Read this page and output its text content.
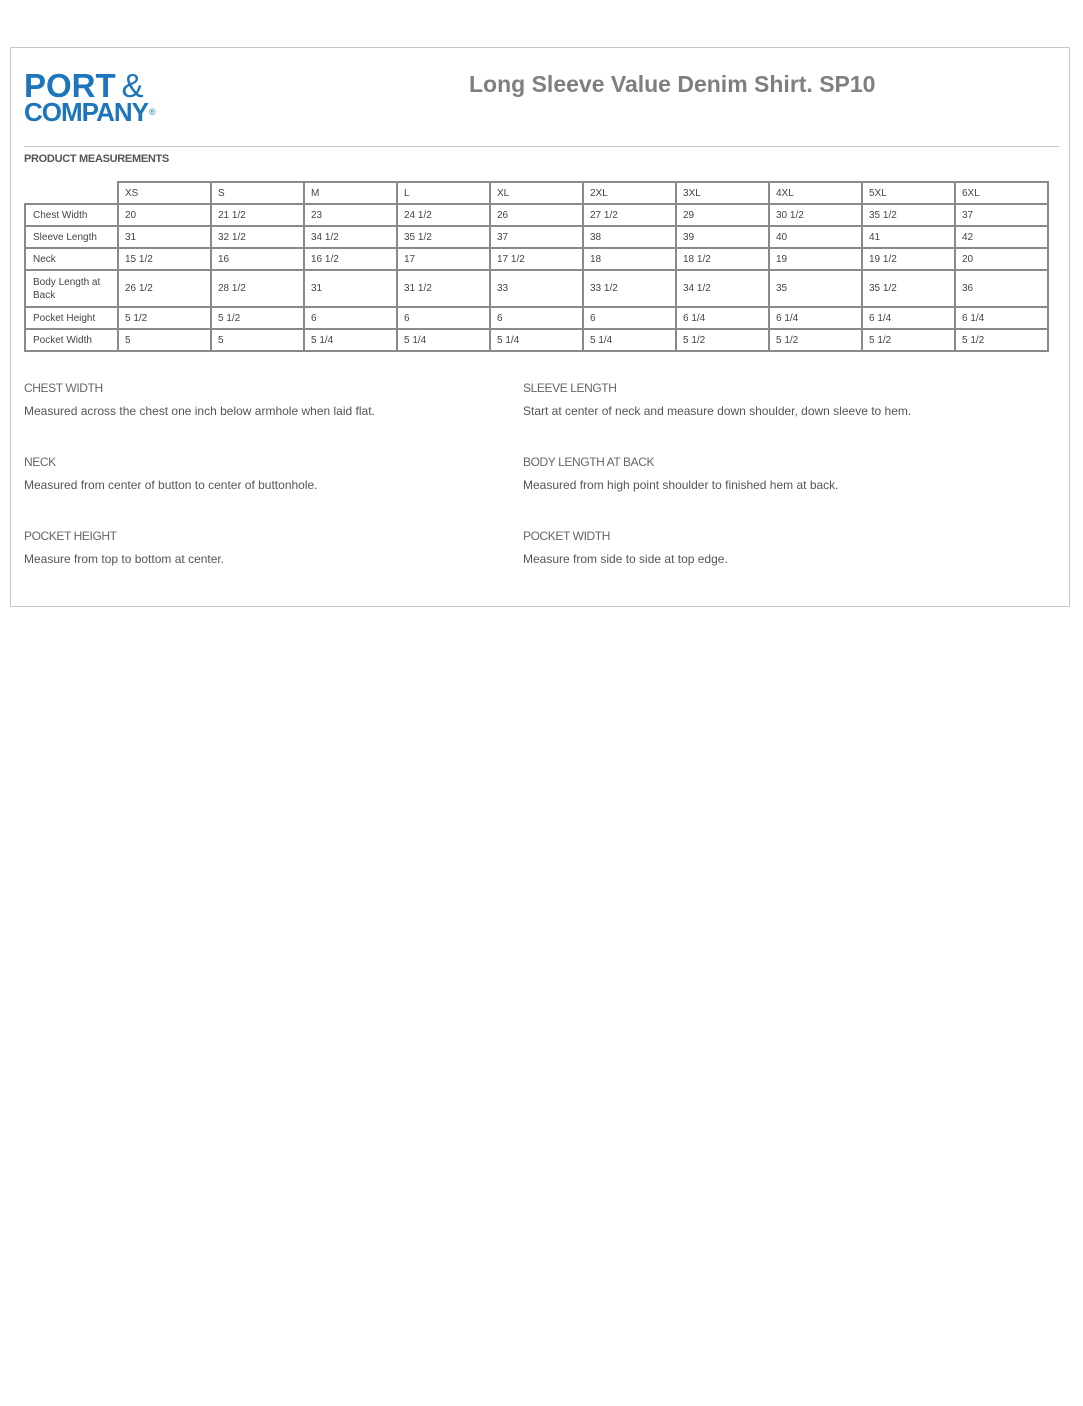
PORT &
COMPANY®
Long Sleeve Value Denim Shirt. SP10
PRODUCT MEASUREMENTS
	XS	S	M	L	XL	2XL	3XL	4XL	5XL	6XL
Chest Width	20	21 1/2	23	24 1/2	26	27 1/2	29	30 1/2	35 1/2	37
Sleeve Length	31	32 1/2	34 1/2	35 1/2	37	38	39	40	41	42
Neck	15 1/2	16	16 1/2	17	17 1/2	18	18 1/2	19	19 1/2	20
Body Length at Back	26 1/2	28 1/2	31	31 1/2	33	33 1/2	34 1/2	35	35 1/2	36
Pocket Height	5 1/2	5 1/2	6	6	6	6	6 1/4	6 1/4	6 1/4	6 1/4
Pocket Width	5	5	5 1/4	5 1/4	5 1/4	5 1/4	5 1/2	5 1/2	5 1/2	5 1/2
CHEST WIDTH
Measured across the chest one inch below armhole when laid flat.
SLEEVE LENGTH
Start at center of neck and measure down shoulder, down sleeve to hem.
NECK
Measured from center of button to center of buttonhole.
BODY LENGTH AT BACK
Measured from high point shoulder to finished hem at back.
POCKET HEIGHT
Measure from top to bottom at center.
POCKET WIDTH
Measure from side to side at top edge.
